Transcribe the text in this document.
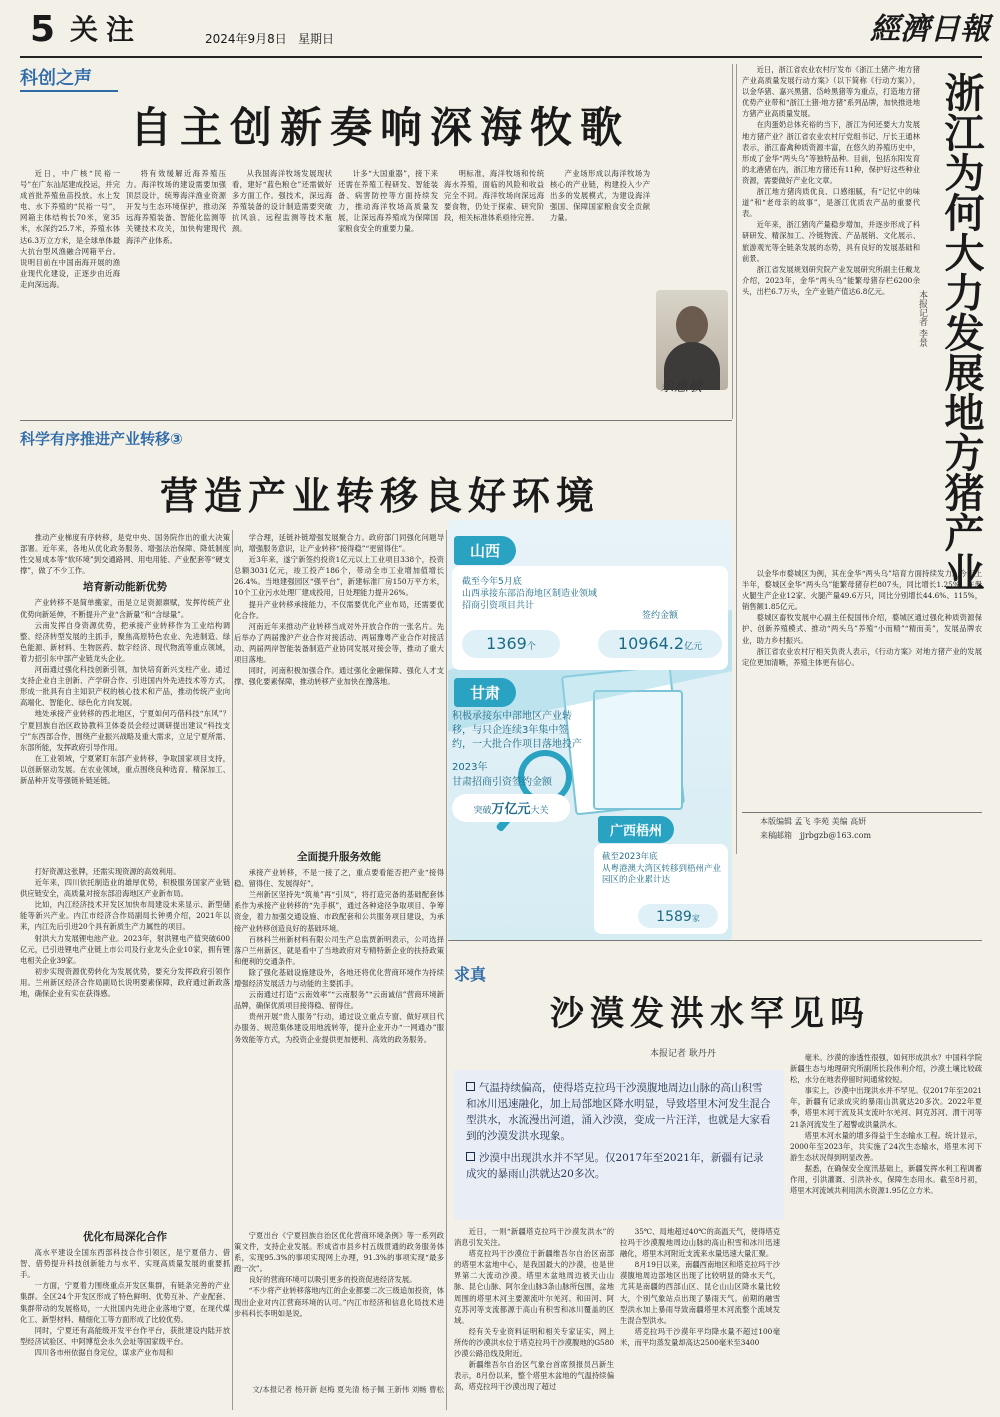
5 关注	2024年9月8日 星期日	經濟日報
科创之声
自主创新奏响深海牧歌

近日，中广核“民裕一号”在广东汕尾建成投运，并完成首批养殖鱼苗投放。水上发电、水下养殖的“民裕一号”，网箱主体结构长70米，宽35米，水深约25.7米，养殖水体达6.3万立方米，是全球单体最大抗台型风渔融合网箱平台。说明目前在中国南海开展的渔业现代化建设，正逐步由近海走向深远海。

将有效缓解近海养殖压力。海洋牧场的建设需要加强顶层设计，统筹海洋渔业资源开发与生态环境保护，推动深远海养殖装备、智能化监测等关键技术攻关，加快构建现代海洋产业体系。

从我国海洋牧场发展现状看，建好“蓝色粮仓”还需做好多方面工作。强技术，深远海养殖装备的设计制造需要突破抗风浪、远程监测等技术瓶颈。

计多“大国重器”，接下来还需在养殖工程研发、智能装备、病害防控等方面持续发力，推动海洋牧场高质量发展，让深远海养殖成为保障国家粮食安全的重要力量。

明标准，海洋牧场和传统海水养殖，面临的风险和收益完全不同。海洋牧场向深远海要食物，仍处于探索、研究阶段，相关标准体系亟待完善。

产业场形成以海洋牧场为核心的产业链，构建投入少产出多的发展模式，为建设海洋强国、保障国家粮食安全贡献力量。

余惠敏
科学有序推进产业转移③
营造产业转移良好环境

推动产业梯度有序转移，是党中央、国务院作出的重大决策部署。近年来，各地从优化政务服务、增强法治保障、降低制度性交易成本等“软环境”到交通路网、用电用能、产业配套等“硬支撑”，做了不少工作。

培育新动能新优势

产业转移不是简单搬家，而是立足资源禀赋，发挥传统产业优势向新延伸，不断提升产业“含新量”和“含绿量”。

云南发挥自身资源优势，把承接产业转移作为工业结构调整、经济转型发展的主抓手，聚焦高原特色农业、先进制造、绿色能源、新材料、生物医药、数字经济、现代物流等重点领域，着力招引东中部产业链龙头企业。

河南通过强化科技创新引领，加快培育新兴支柱产业。通过支持企业自主创新、产学研合作、引进国内外先进技术等方式，形成一批具有自主知识产权的核心技术和产品，推动传统产业向高端化、智能化、绿色化方向发展。

地处承接产业转移的西北地区，宁夏如何巧借科技“东风”？宁夏回族自治区政协教科卫体委员会经过调研提出建议“科技支宁”东西部合作，围绕产业振兴战略及重大需求，立足宁夏所需、东部所能，发挥政府引导作用。

在工业领域，宁夏紧盯东部产业转移，争取国家项目支持，以创新驱动发展。在农业领域，重点围绕良种选育、精深加工、新品种开发等强链补链延链。

打好资源这张牌，还需实现资源的高效利用。

近年来，四川依托制造业的雄厚优势，积极服务国家产业链供应链安全，高质量对接东部沿海地区产业新布局。

比如，内江经济技术开发区加快布局建设未来显示、新型储能等新兴产业。内江市经济合作局副局长钟勇介绍，2021年以来，内江先后引进20个具有新质生产力属性的项目。

射洪大力发展锂电池产业。2023年，射洪锂电产值突破600亿元，已引进锂电产业链上市公司及行业龙头企业10家，拥有锂电相关企业39家。

初步实现资源优势转化为发展优势，要充分发挥政府引领作用。兰州新区经济合作局副局长说明要素保障，政府通过新政落地，确保企业有实在获得感。

优化布局深化合作

高水平建设全国东西部科技合作引领区，是宁夏借力、借智、借势提升科技创新能力与水平、实现高质量发展的重要抓手。

一方面，宁夏着力围绕重点开发区集群，有链条完善的产业集群。全区24个开发区形成了特色鲜明、优势互补、产业配套、集群带动的发展格局，一大批国内先进企业落地宁夏，在现代煤化工、新型材料、精细化工等方面形成了比较优势。

同时，宁夏还有高能级开发平台作平台，获批建设内陆开放型经济试验区、中阿博览会永久会址等国家级平台。

四川各市州依据自身定位，谋求产业布局和

学合理，延链补链增强发展聚合力。政府部门同强化问题导向，增强服务意识，让产业转移“接得稳”“更留得住”。

近3年来，遂宁新签约投资1亿元以上工业项目338个，投资总额3031亿元，竣工投产186个，带动全市工业增加值增长26.4%。当地建强园区“强平台”，新建标准厂房150万平方米，10个工业污水处理厂建成投用，日处理能力提升26%。

提升产业转移承接能力，不仅需要优化产业布局，还需要优化合作。

河南近年来推动产业转移当成对外开放合作的一张名片。先后举办了两届豫沪产业合作对接活动、两届豫粤产业合作对接活动、两届两岸智能装备制造产业协同发展对接会等，推动了重大项目落地。

同时，河南积极加强合作。通过强化金融保障、强化人才支撑、强化要素保障，推动转移产业加快在豫落地。

全面提升服务效能

承接产业转移，不是一接了之，重点要看能否把产业“接得稳、留得住、发展得好”。

兰州新区坚持先“筑巢”再“引凤”，将打造完备的基础配套体系作为承接产业转移的“先手棋”，通过各种途径争取项目、争筹资金，着力加强交通设施、市政配套和公共服务项目建设，为承接产业转移创造良好的基础环境。

百林科兰州新材料有限公司生产总监贾新明表示，公司选择落户兰州新区，就是看中了当地政府对专精特新企业的扶持政策和便利的交通条件。

除了强化基础设施建设外，各地还将优化营商环境作为持续增强经济发展活力与动能的主要抓手。

云南通过打造“云南效率”“云南服务”“云南诚信”营商环境新品牌，确保优质项目接得稳、留得住。

贵州开展“贵人服务”行动，通过设立重点专窗、做好项目代办服务、规范集体建设用地流转等，提升企业开办“一网通办”服务效能等方式，为投资企业提供更加便利、高效的政务服务。

宁夏出台《宁夏回族自治区优化营商环境条例》等一系列政策文件，支持企业发展。形成省市县乡村五级贯通的政务服务体系，实现95.3%的事项实现网上办理，91.3%的事项实现“最多跑一次”。

良好的营商环境可以吸引更多的投资促进经济发展。

“不少将产业转移落地内江的企业都要二次三级追加投资，体现出企业对内江营商环境的认可。”内江市经济和信息化局技术进步科科长李明如是说。

文/本报记者 杨开新 赵梅 夏先清 杨子佩 王新伟 刘畅 曹松
山西
截至今年5月底
山西承接东部沿海地区制造业领域招商引资项目共计
1369个
签约金额
10964.2亿元
甘肃
积极承接东中部地区产业转移，与只企连续3年集中签约，一大批合作项目落地投产
2023年
甘肃招商引资签约金额
突破万亿元大关
广西梧州
截至2023年底
从粤港澳大湾区转移到梧州产业园区的企业累计达
1589家
本版编辑 孟飞 李苑 美编 高妍
来稿邮箱　 jjrbgzb@163.com

近日，浙江省农业农村厅发布《浙江土猪产·地方猪产业高质量发展行动方案》（以下简称《行动方案》），以金华猪、嘉兴黑猪、岱岭黑猪等为重点，打造地方猪优势产业带和“浙江土猪·地方猪”系列品牌，加快推进地方猪产业高质量发展。

在肉蛋奶总体充裕的当下，浙江为何还要大力发展地方猪产业？浙江省农业农村厅党组书记、厅长王通林表示，浙江畜禽种质资源丰富，在悠久的养殖历史中，形成了金华“两头乌”等独特品种。目前，包括东阳发育的北港猪在内，浙江地方猪还有11种，保护好这些种业资源，需要做好产业化文章。

浙江地方猪肉质优良、口感细腻，有“记忆中的味道”和“老母亲的故事”，是浙江优质农产品的重要代表。

近年来，浙江猪肉产量稳步增加，并逐步形成了科研研发、精深加工、冷链物流、产品展销、文化展示、旅游观光等全链条发展的态势，具有良好的发展基础和前景。

浙江省发展规划研究院产业发展研究所副主任戴龙介绍，2023年，金华“两头乌”能繁母猪存栏6200余头，出栏6.7万头，全产业链产值达6.8亿元。

以金华市婺城区为例，其在金华“两头乌”培育方面持续发力。今年上半年，婺城区金华“两头乌”能繁母猪存栏807头，同比增长1.25%；在册火腿生产企业12家、火腿产量49.6万只，同比分别增长44.6%、115%，销售额1.85亿元。

婺城区畜牧发展中心副主任倪国伟介绍，婺城区通过强化种质资源保护、创新养殖模式、推动“两头乌”养殖“小而精”“精而美”，发展品牌农业，助力乡村振兴。

浙江省农业农村厅相关负责人表示，《行动方案》对地方猪产业的发展定位更加清晰，养殖主体更有信心。

浙江为何大力发展地方猪产业
本报记者 李景
求真
沙漠发洪水罕见吗
本报记者 耿丹丹
气温持续偏高，使得塔克拉玛干沙漠腹地周边山脉的高山积雪和冰川迅速融化，加上局部地区降水明显，导致塔里木河发生混合型洪水，水流漫出河道，涌入沙漠，变成一片汪洋，也就是大家看到的沙漠发洪水现象。
沙漠中出现洪水并不罕见。仅2017年至2021年，新疆有记录成灾的暴雨山洪就达20多次。

近日，一则“新疆塔克拉玛干沙漠发洪水”的消息引发关注。

塔克拉玛干沙漠位于新疆维吾尔自治区南部的塔里木盆地中心，是我国最大的沙漠，也是世界第二大流动沙漠。塔里木盆地周边被天山山脉、昆仑山脉、阿尔金山脉3条山脉所包围，盆地周围的塔里木河主要源流叶尔羌河、和田河、阿克苏河等支流都源于高山有积雪和冰川覆盖的区域。

经有关专业资料证明和相关专家证实，网上所传的沙漠洪水位于塔克拉玛干沙漠腹地的G580沙漠公路沿线及附近。

新疆维吾尔自治区气象台首席预报员吕新生表示，8月份以来，整个塔里木盆地的气温持续偏高，塔克拉玛干沙漠出现了超过

35℃、局地超过40℃的高温天气，使得塔克拉玛干沙漠腹地周边山脉的高山积雪和冰川迅速融化，塔里木河附近支流来水量迅速大量汇聚。

8月19日以来，南疆西南地区和塔克拉玛干沙漠腹地周边部地区出现了比较明显的降水天气，尤其是南疆的西部山区、昆仑山山区降水量比较大，个别气象站点出现了暴雨天气。前期的融雪型洪水加上暴雨导致南疆塔里木河流整个流域发生混合型洪水。

塔克拉玛干沙漠年平均降水量不超过100毫米，而平均蒸发量却高达2500毫米至3400

毫米。沙漠的渗透性很强，如何形成洪水？中国科学院新疆生态与地理研究所副所长段伟利介绍，沙漠土壤比较疏松，水分在地表停留时间通常较短。

事实上，沙漠中出现洪水并不罕见。仅2017年至2021年，新疆有记录成灾的暴雨山洪就达20多次。2022年夏季，塔里木河干流及其支流叶尔羌河、阿克苏河、渭干河等21条河流发生了超警或洪量洪水。

塔里木河水量的增多得益于生态输水工程。统计显示，2000年至2023年，共实施了24次生态输水，塔里木河下游生态状况得到明显改善。

据悉，在确保安全度汛基础上，新疆发挥水利工程调蓄作用，引洪灌溉、引洪补水，保障生态用水。截至8月初，塔里木河流域共利用洪水资源1.95亿立方米。
